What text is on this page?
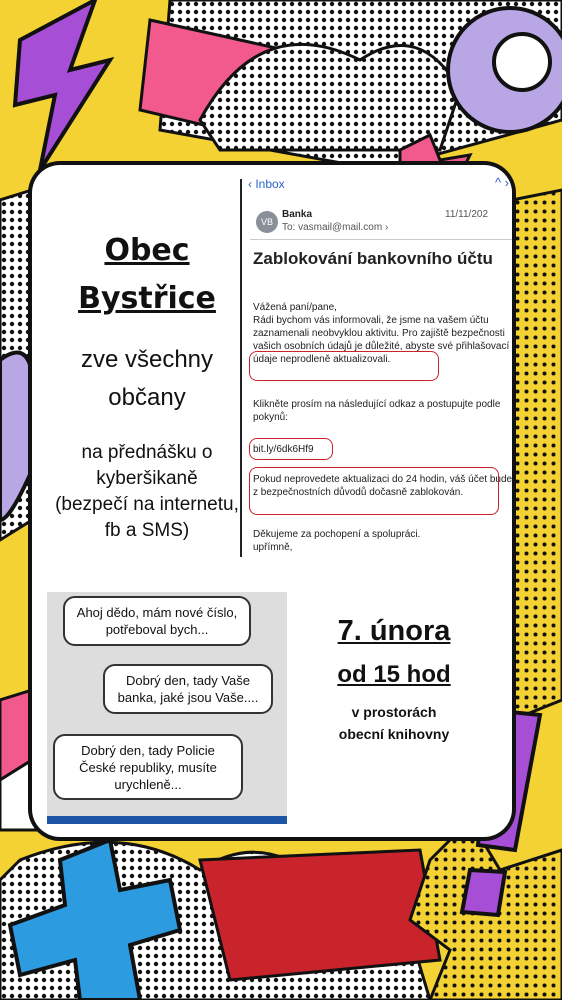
Obec
Bystřice
zve všechny
občany
na přednášku o
kyberšikaně
(bezpečí na internetu,
fb a SMS)
‹ Inbox	^ ›
VB
Banka
To: vasmail@mail.com ›
11/11/202
Zablokování bankovního účtu

Vážená paní/pane,
Rádi bychom vás informovali, že jsme na vašem účtu zaznamenali neobvyklou aktivitu. Pro zajiště bezpečnosti vašich osobních údajů je důležité, abyste své přihlašovací údaje neprodleně aktualizovali.

Klikněte prosím na následující odkaz a postupujte podle pokynů:

bit.ly/6dk6Hf9

Pokud neprovedete aktualizaci do 24 hodin, váš účet bude z bezpečnostních důvodů dočasně zablokován.

Děkujeme za pochopení a spolupráci.
upřímně,

Ahoj dědo, mám nové číslo, potřeboval bych...
Dobrý den, tady Vaše banka, jaké jsou Vaše....
Dobrý den, tady Policie České republiky, musíte urychleně...
7. února
od 15 hod
v prostorách
obecní knihovny
